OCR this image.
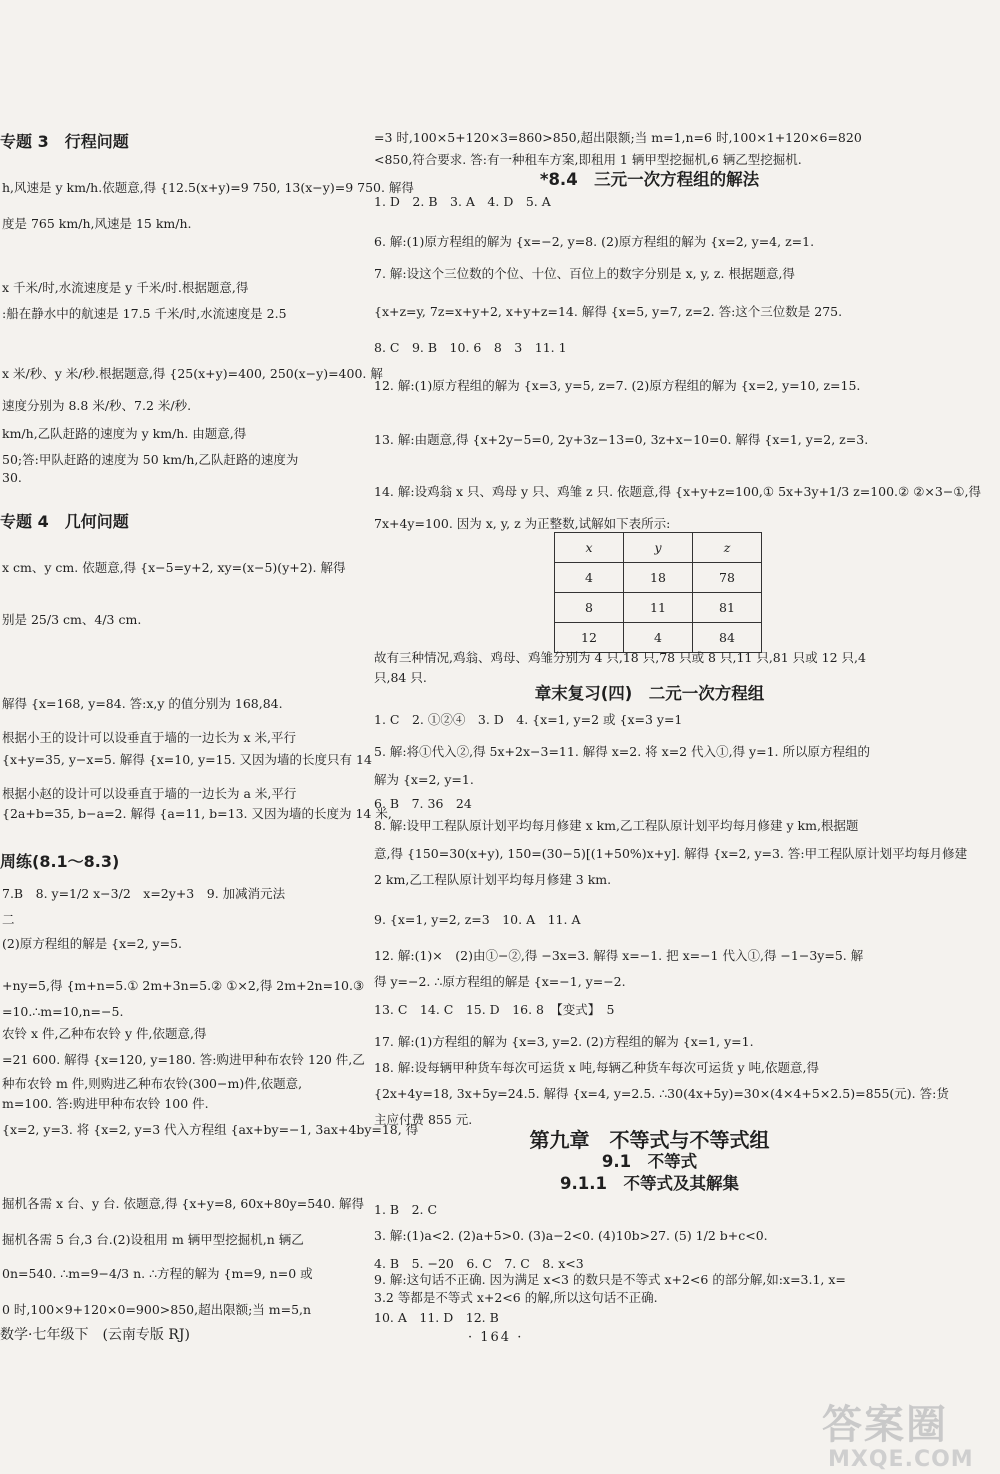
专题 3　行程问题
h,风速是 y km/h.依题意,得 {12.5(x+y)=9 750, 13(x−y)=9 750. 解得
度是 765 km/h,风速是 15 km/h.
x 千米/时,水流速度是 y 千米/时.根据题意,得
:船在静水中的航速是 17.5 千米/时,水流速度是 2.5
x 米/秒、y 米/秒.根据题意,得 {25(x+y)=400, 250(x−y)=400. 解
速度分别为 8.8 米/秒、7.2 米/秒.
km/h,乙队赶路的速度为 y km/h. 由题意,得
50;答:甲队赶路的速度为 50 km/h,乙队赶路的速度为
30.
专题 4　几何问题
x cm、y cm. 依题意,得 {x−5=y+2, xy=(x−5)(y+2). 解得
别是 25/3 cm、4/3 cm.
解得 {x=168, y=84. 答:x,y 的值分别为 168,84.
根据小王的设计可以设垂直于墙的一边长为 x 米,平行
{x+y=35, y−x=5. 解得 {x=10, y=15. 又因为墙的长度只有 14
根据小赵的设计可以设垂直于墙的一边长为 a 米,平行
{2a+b=35, b−a=2. 解得 {a=11, b=13. 又因为墙的长度为 14 米,
周练(8.1～8.3)
7.B　8. y=1/2 x−3/2　x=2y+3　9. 加减消元法
二
(2)原方程组的解是 {x=2, y=5.
+ny=5,得 {m+n=5.① 2m+3n=5.② ①×2,得 2m+2n=10.③
=10.∴m=10,n=−5.
农铃 x 件,乙种布农铃 y 件,依题意,得
=21 600. 解得 {x=120, y=180. 答:购进甲种布农铃 120 件,乙
种布农铃 m 件,则购进乙种布农铃(300−m)件,依题意,
m=100. 答:购进甲种布农铃 100 件.
{x=2, y=3. 将 {x=2, y=3 代入方程组 {ax+by=−1, 3ax+4by=18, 得
掘机各需 x 台、y 台. 依题意,得 {x+y=8, 60x+80y=540. 解得
掘机各需 5 台,3 台.(2)设租用 m 辆甲型挖掘机,n 辆乙
0n=540. ∴m=9−4/3 n. ∴方程的解为 {m=9, n=0 或
0 时,100×9+120×0=900>850,超出限额;当 m=5,n
x	y	z
4	18	78
8	11	81
12	4	84
=3 时,100×5+120×3=860>850,超出限额;当 m=1,n=6 时,100×1+120×6=820
<850,符合要求. 答:有一种租车方案,即租用 1 辆甲型挖掘机,6 辆乙型挖掘机.
*8.4　三元一次方程组的解法
1. D　2. B　3. A　4. D　5. A
6. 解:(1)原方程组的解为 {x=−2, y=8. (2)原方程组的解为 {x=2, y=4, z=1.
7. 解:设这个三位数的个位、十位、百位上的数字分别是 x, y, z. 根据题意,得
{x+z=y, 7z=x+y+2, x+y+z=14. 解得 {x=5, y=7, z=2. 答:这个三位数是 275.
8. C　9. B　10. 6　8　3　11. 1
12. 解:(1)原方程组的解为 {x=3, y=5, z=7. (2)原方程组的解为 {x=2, y=10, z=15.
13. 解:由题意,得 {x+2y−5=0, 2y+3z−13=0, 3z+x−10=0. 解得 {x=1, y=2, z=3.
14. 解:设鸡翁 x 只、鸡母 y 只、鸡雏 z 只. 依题意,得 {x+y+z=100,① 5x+3y+1/3 z=100.② ②×3−①,得
7x+4y=100. 因为 x, y, z 为正整数,试解如下表所示:
故有三种情况,鸡翁、鸡母、鸡雏分别为 4 只,18 只,78 只或 8 只,11 只,81 只或 12 只,4
只,84 只.
章末复习(四)　二元一次方程组
1. C　2. ①②④　3. D　4. {x=1, y=2 或 {x=3 y=1
5. 解:将①代入②,得 5x+2x−3=11. 解得 x=2. 将 x=2 代入①,得 y=1. 所以原方程组的
解为 {x=2, y=1.
6. B　7. 36　24
8. 解:设甲工程队原计划平均每月修建 x km,乙工程队原计划平均每月修建 y km,根据题
意,得 {150=30(x+y), 150=(30−5)[(1+50%)x+y]. 解得 {x=2, y=3. 答:甲工程队原计划平均每月修建
2 km,乙工程队原计划平均每月修建 3 km.
9. {x=1, y=2, z=3　10. A　11. A
12. 解:(1)×　(2)由①−②,得 −3x=3. 解得 x=−1. 把 x=−1 代入①,得 −1−3y=5. 解
得 y=−2. ∴原方程组的解是 {x=−1, y=−2.
13. C　14. C　15. D　16. 8　【变式】　5
17. 解:(1)方程组的解为 {x=3, y=2. (2)方程组的解为 {x=1, y=1.
18. 解:设每辆甲种货车每次可运货 x 吨,每辆乙种货车每次可运货 y 吨,依题意,得
{2x+4y=18, 3x+5y=24.5. 解得 {x=4, y=2.5. ∴30(4x+5y)=30×(4×4+5×2.5)=855(元). 答:货
主应付费 855 元.
第九章　不等式与不等式组
9.1　不等式
9.1.1　不等式及其解集
1. B　2. C
3. 解:(1)a<2. (2)a+5>0. (3)a−2<0. (4)10b>27. (5) 1/2 b+c<0.
4. B　5. −20　6. C　7. C　8. x<3
9. 解:这句话不正确. 因为满足 x<3 的数只是不等式 x+2<6 的部分解,如:x=3.1, x=
3.2 等都是不等式 x+2<6 的解,所以这句话不正确.
10. A　11. D　12. B
数学·七年级下　(云南专版 RJ)	· 164 ·
答案圈
MXQE.COM
